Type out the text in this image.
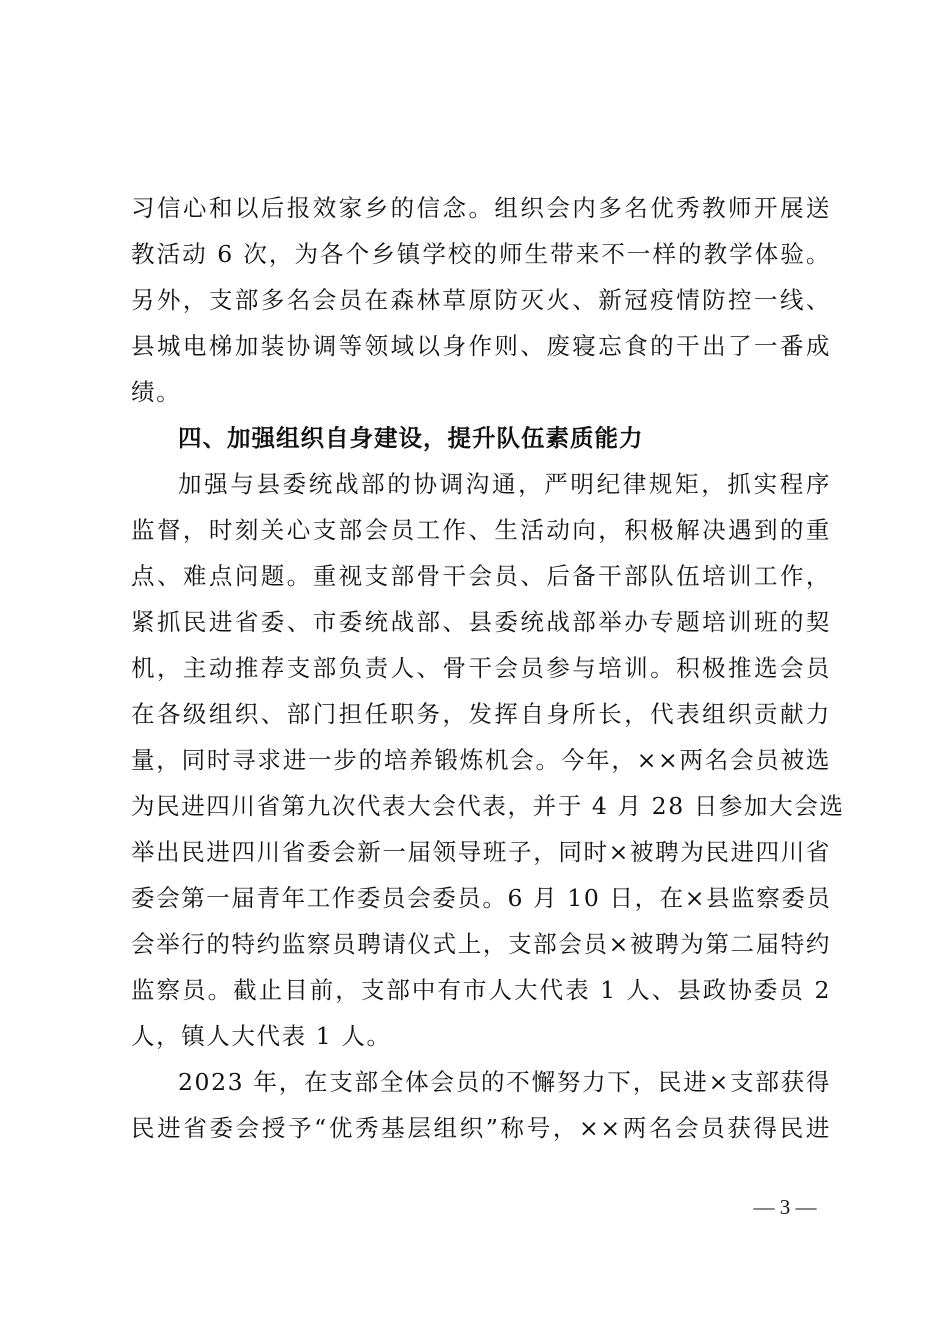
习信心和以后报效家乡的信念。组织会内多名优秀教师开展送
教活动 6 次，为各个乡镇学校的师生带来不一样的教学体验。
另外，支部多名会员在森林草原防灭火、新冠疫情防控一线、
县城电梯加装协调等领域以身作则、废寝忘食的干出了一番成
绩。
四、加强组织自身建设，提升队伍素质能力
加强与县委统战部的协调沟通，严明纪律规矩，抓实程序
监督，时刻关心支部会员工作、生活动向，积极解决遇到的重
点、难点问题。重视支部骨干会员、后备干部队伍培训工作，
紧抓民进省委、市委统战部、县委统战部举办专题培训班的契
机，主动推荐支部负责人、骨干会员参与培训。积极推选会员
在各级组织、部门担任职务，发挥自身所长，代表组织贡献力
量，同时寻求进一步的培养锻炼机会。今年，××两名会员被选
为民进四川省第九次代表大会代表，并于 4 月 28 日参加大会选
举出民进四川省委会新一届领导班子，同时×被聘为民进四川省
委会第一届青年工作委员会委员。6 月 10 日，在×县监察委员
会举行的特约监察员聘请仪式上，支部会员×被聘为第二届特约
监察员。截止目前，支部中有市人大代表 1 人、县政协委员 2
人，镇人大代表 1 人。
2023 年，在支部全体会员的不懈努力下，民进×支部获得
民进省委会授予“优秀基层组织”称号，××两名会员获得民进
— 3 —
